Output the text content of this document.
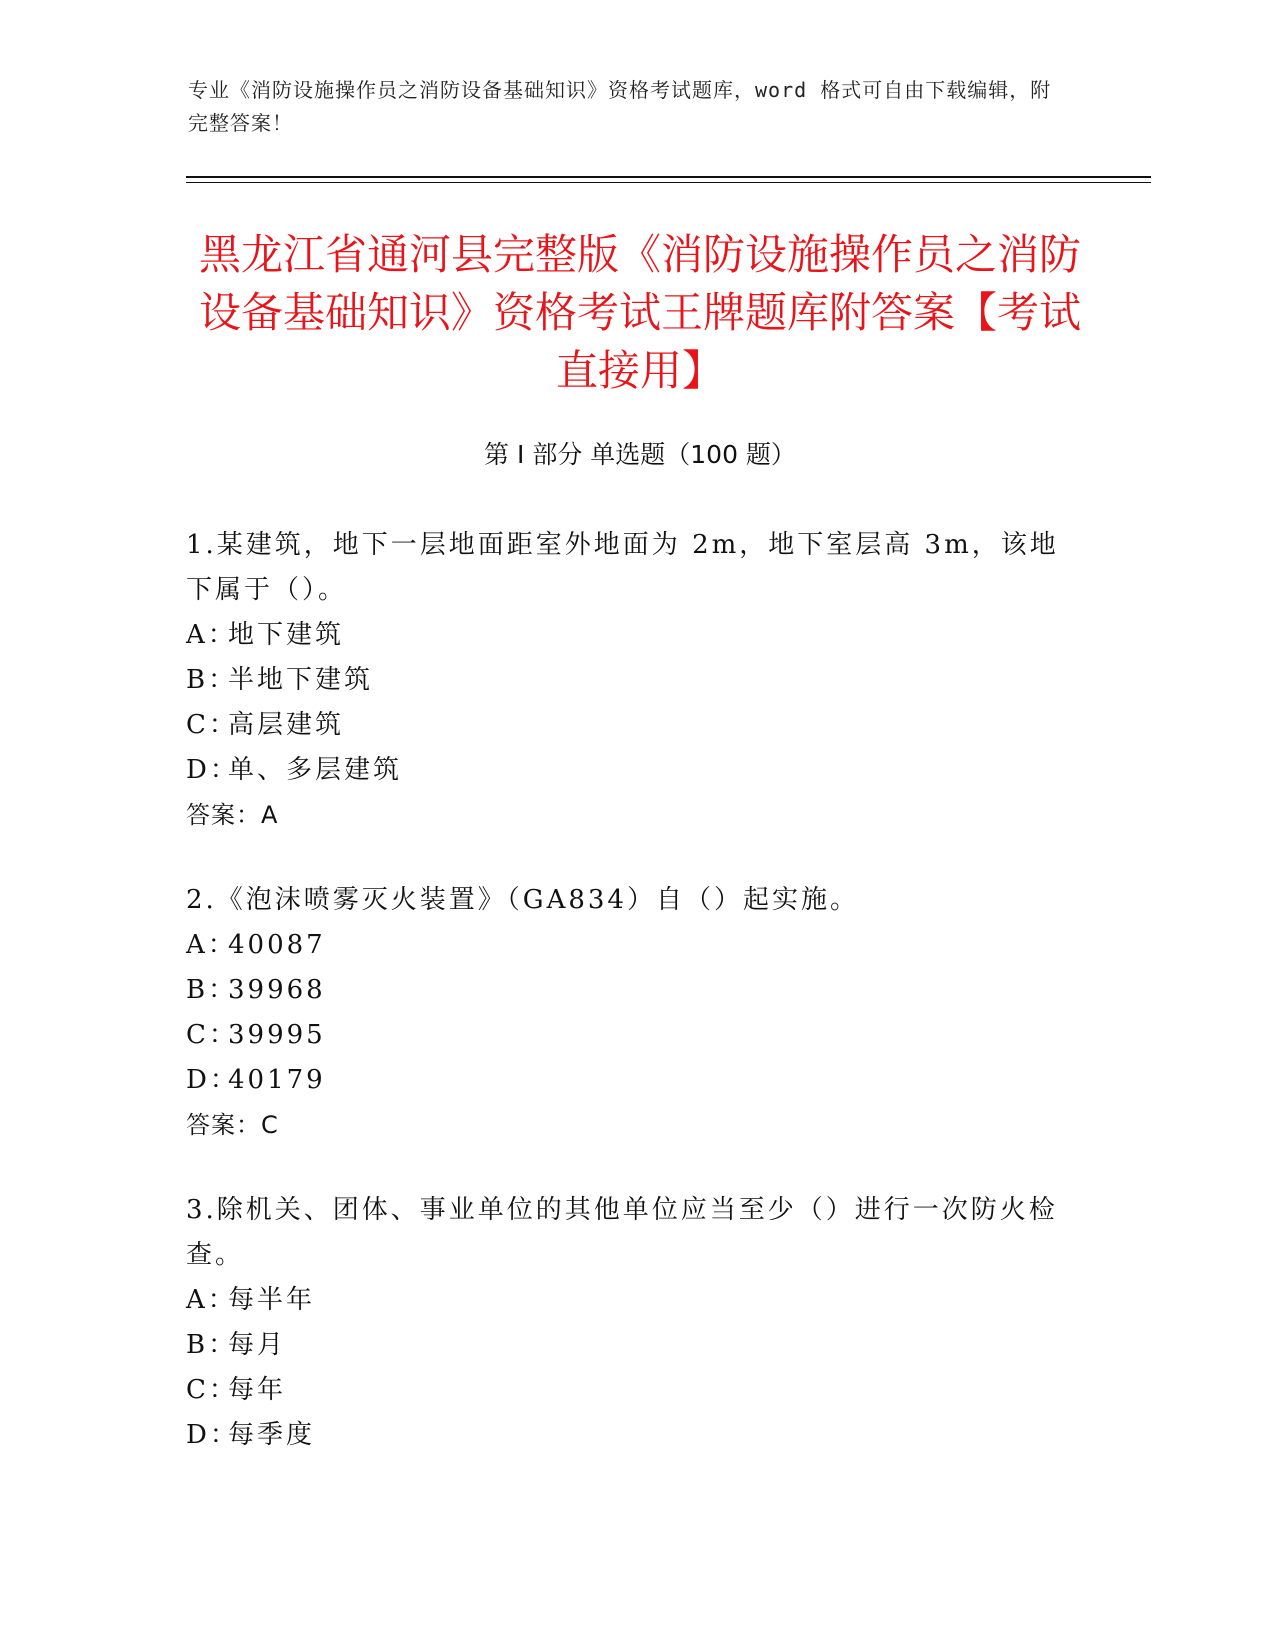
专业《消防设施操作员之消防设备基础知识》资格考试题库，word 格式可自由下载编辑，附完整答案！
黑龙江省通河县完整版《消防设施操作员之消防设备基础知识》资格考试王牌题库附答案【考试直接用】
第 I 部分 单选题（100 题）

1.某建筑，地下一层地面距室外地面为 2m，地下室层高 3m，该地下属于（）。

A：地下建筑

B：半地下建筑

C：高层建筑

D：单、多层建筑

答案：A

2.《泡沫喷雾灭火装置》（GA834）自（）起实施。

A：40087

B：39968

C：39995

D：40179

答案：C

3.除机关、团体、事业单位的其他单位应当至少（）进行一次防火检查。

A：每半年

B：每月

C：每年

D：每季度
